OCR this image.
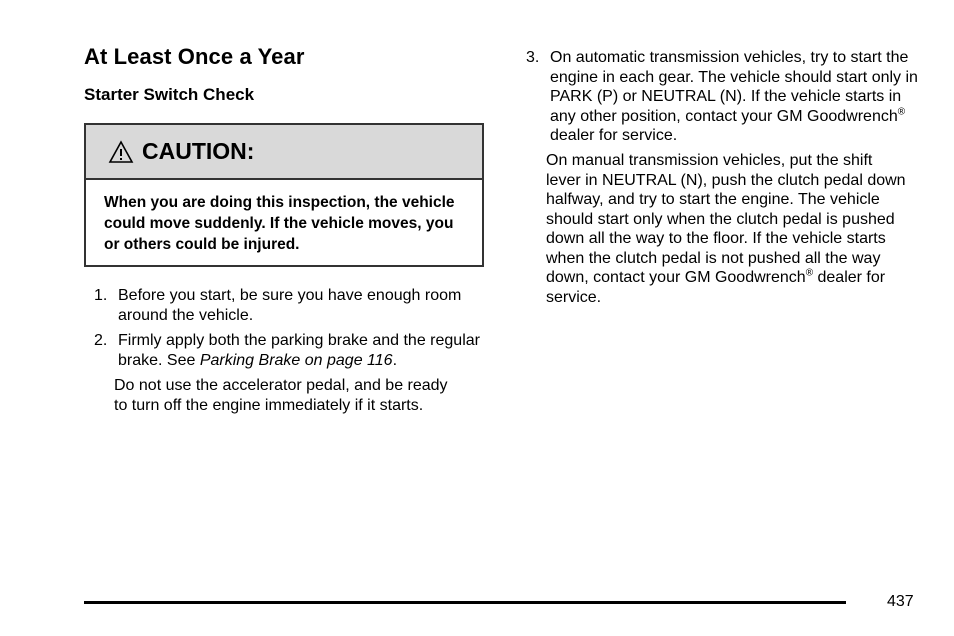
At Least Once a Year
Starter Switch Check
CAUTION:
When you are doing this inspection, the vehicle could move suddenly. If the vehicle moves, you or others could be injured.
1. Before you start, be sure you have enough room around the vehicle.
2. Firmly apply both the parking brake and the regular brake. See Parking Brake on page 116.
Do not use the accelerator pedal, and be ready to turn off the engine immediately if it starts.
3. On automatic transmission vehicles, try to start the engine in each gear. The vehicle should start only in PARK (P) or NEUTRAL (N). If the vehicle starts in any other position, contact your GM Goodwrench® dealer for service.
On manual transmission vehicles, put the shift lever in NEUTRAL (N), push the clutch pedal down halfway, and try to start the engine. The vehicle should start only when the clutch pedal is pushed down all the way to the floor. If the vehicle starts when the clutch pedal is not pushed all the way down, contact your GM Goodwrench® dealer for service.
437
